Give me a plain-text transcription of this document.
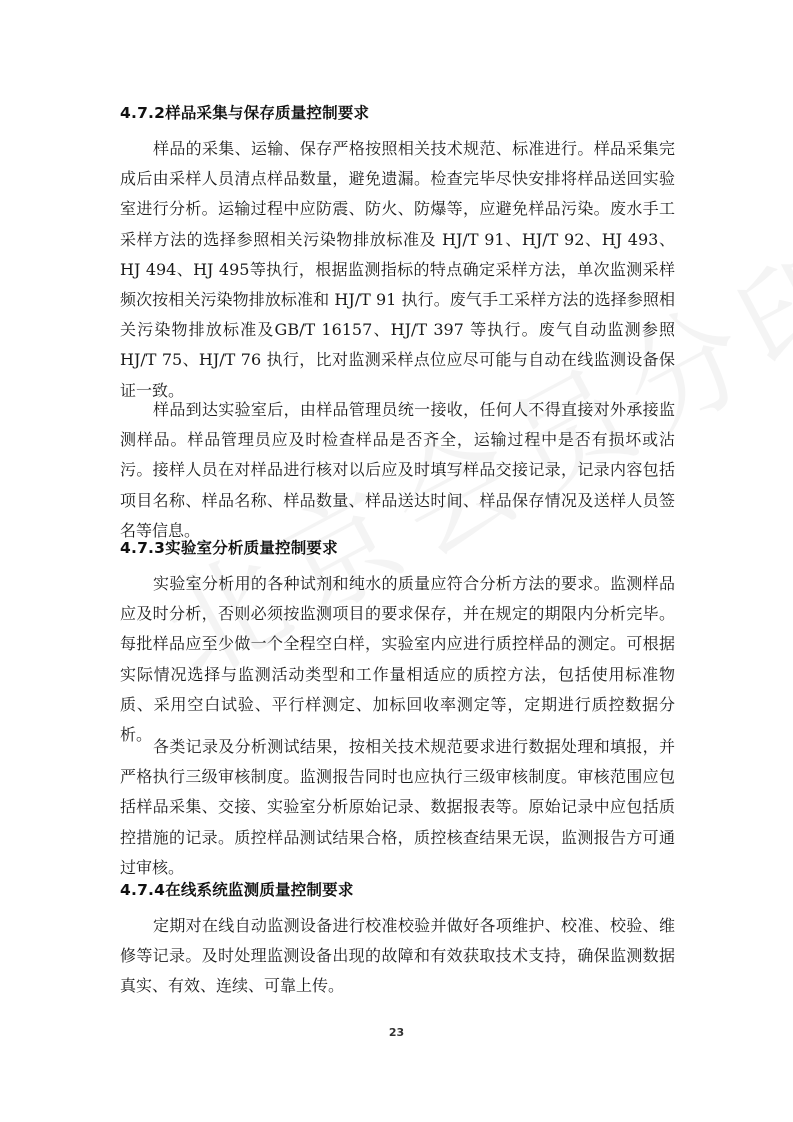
4.7.2样品采集与保存质量控制要求

样品的采集、运输、保存严格按照相关技术规范、标准进行。样品采集完成后由采样人员清点样品数量，避免遗漏。检查完毕尽快安排将样品送回实验室进行分析。运输过程中应防震、防火、防爆等，应避免样品污染。废水手工采样方法的选择参照相关污染物排放标准及 HJ/T 91、HJ/T 92、HJ 493、HJ 494、HJ 495等执行，根据监测指标的特点确定采样方法，单次监测采样频次按相关污染物排放标准和 HJ/T 91 执行。废气手工采样方法的选择参照相关污染物排放标准及GB/T 16157、HJ/T 397 等执行。废气自动监测参照 HJ/T 75、HJ/T 76 执行，比对监测采样点位应尽可能与自动在线监测设备保证一致。

样品到达实验室后，由样品管理员统一接收，任何人不得直接对外承接监测样品。样品管理员应及时检查样品是否齐全，运输过程中是否有损坏或沾污。接样人员在对样品进行核对以后应及时填写样品交接记录，记录内容包括项目名称、样品名称、样品数量、样品送达时间、样品保存情况及送样人员签名等信息。

4.7.3实验室分析质量控制要求

实验室分析用的各种试剂和纯水的质量应符合分析方法的要求。监测样品应及时分析，否则必须按监测项目的要求保存，并在规定的期限内分析完毕。每批样品应至少做一个全程空白样，实验室内应进行质控样品的测定。可根据实际情况选择与监测活动类型和工作量相适应的质控方法，包括使用标准物质、采用空白试验、平行样测定、加标回收率测定等，定期进行质控数据分析。

各类记录及分析测试结果，按相关技术规范要求进行数据处理和填报，并严格执行三级审核制度。监测报告同时也应执行三级审核制度。审核范围应包括样品采集、交接、实验室分析原始记录、数据报表等。原始记录中应包括质控措施的记录。质控样品测试结果合格，质控核查结果无误，监测报告方可通过审核。

4.7.4在线系统监测质量控制要求

定期对在线自动监测设备进行校准校验并做好各项维护、校准、校验、维修等记录。及时处理监测设备出现的故障和有效获取技术支持，确保监测数据真实、有效、连续、可靠上传。

23
